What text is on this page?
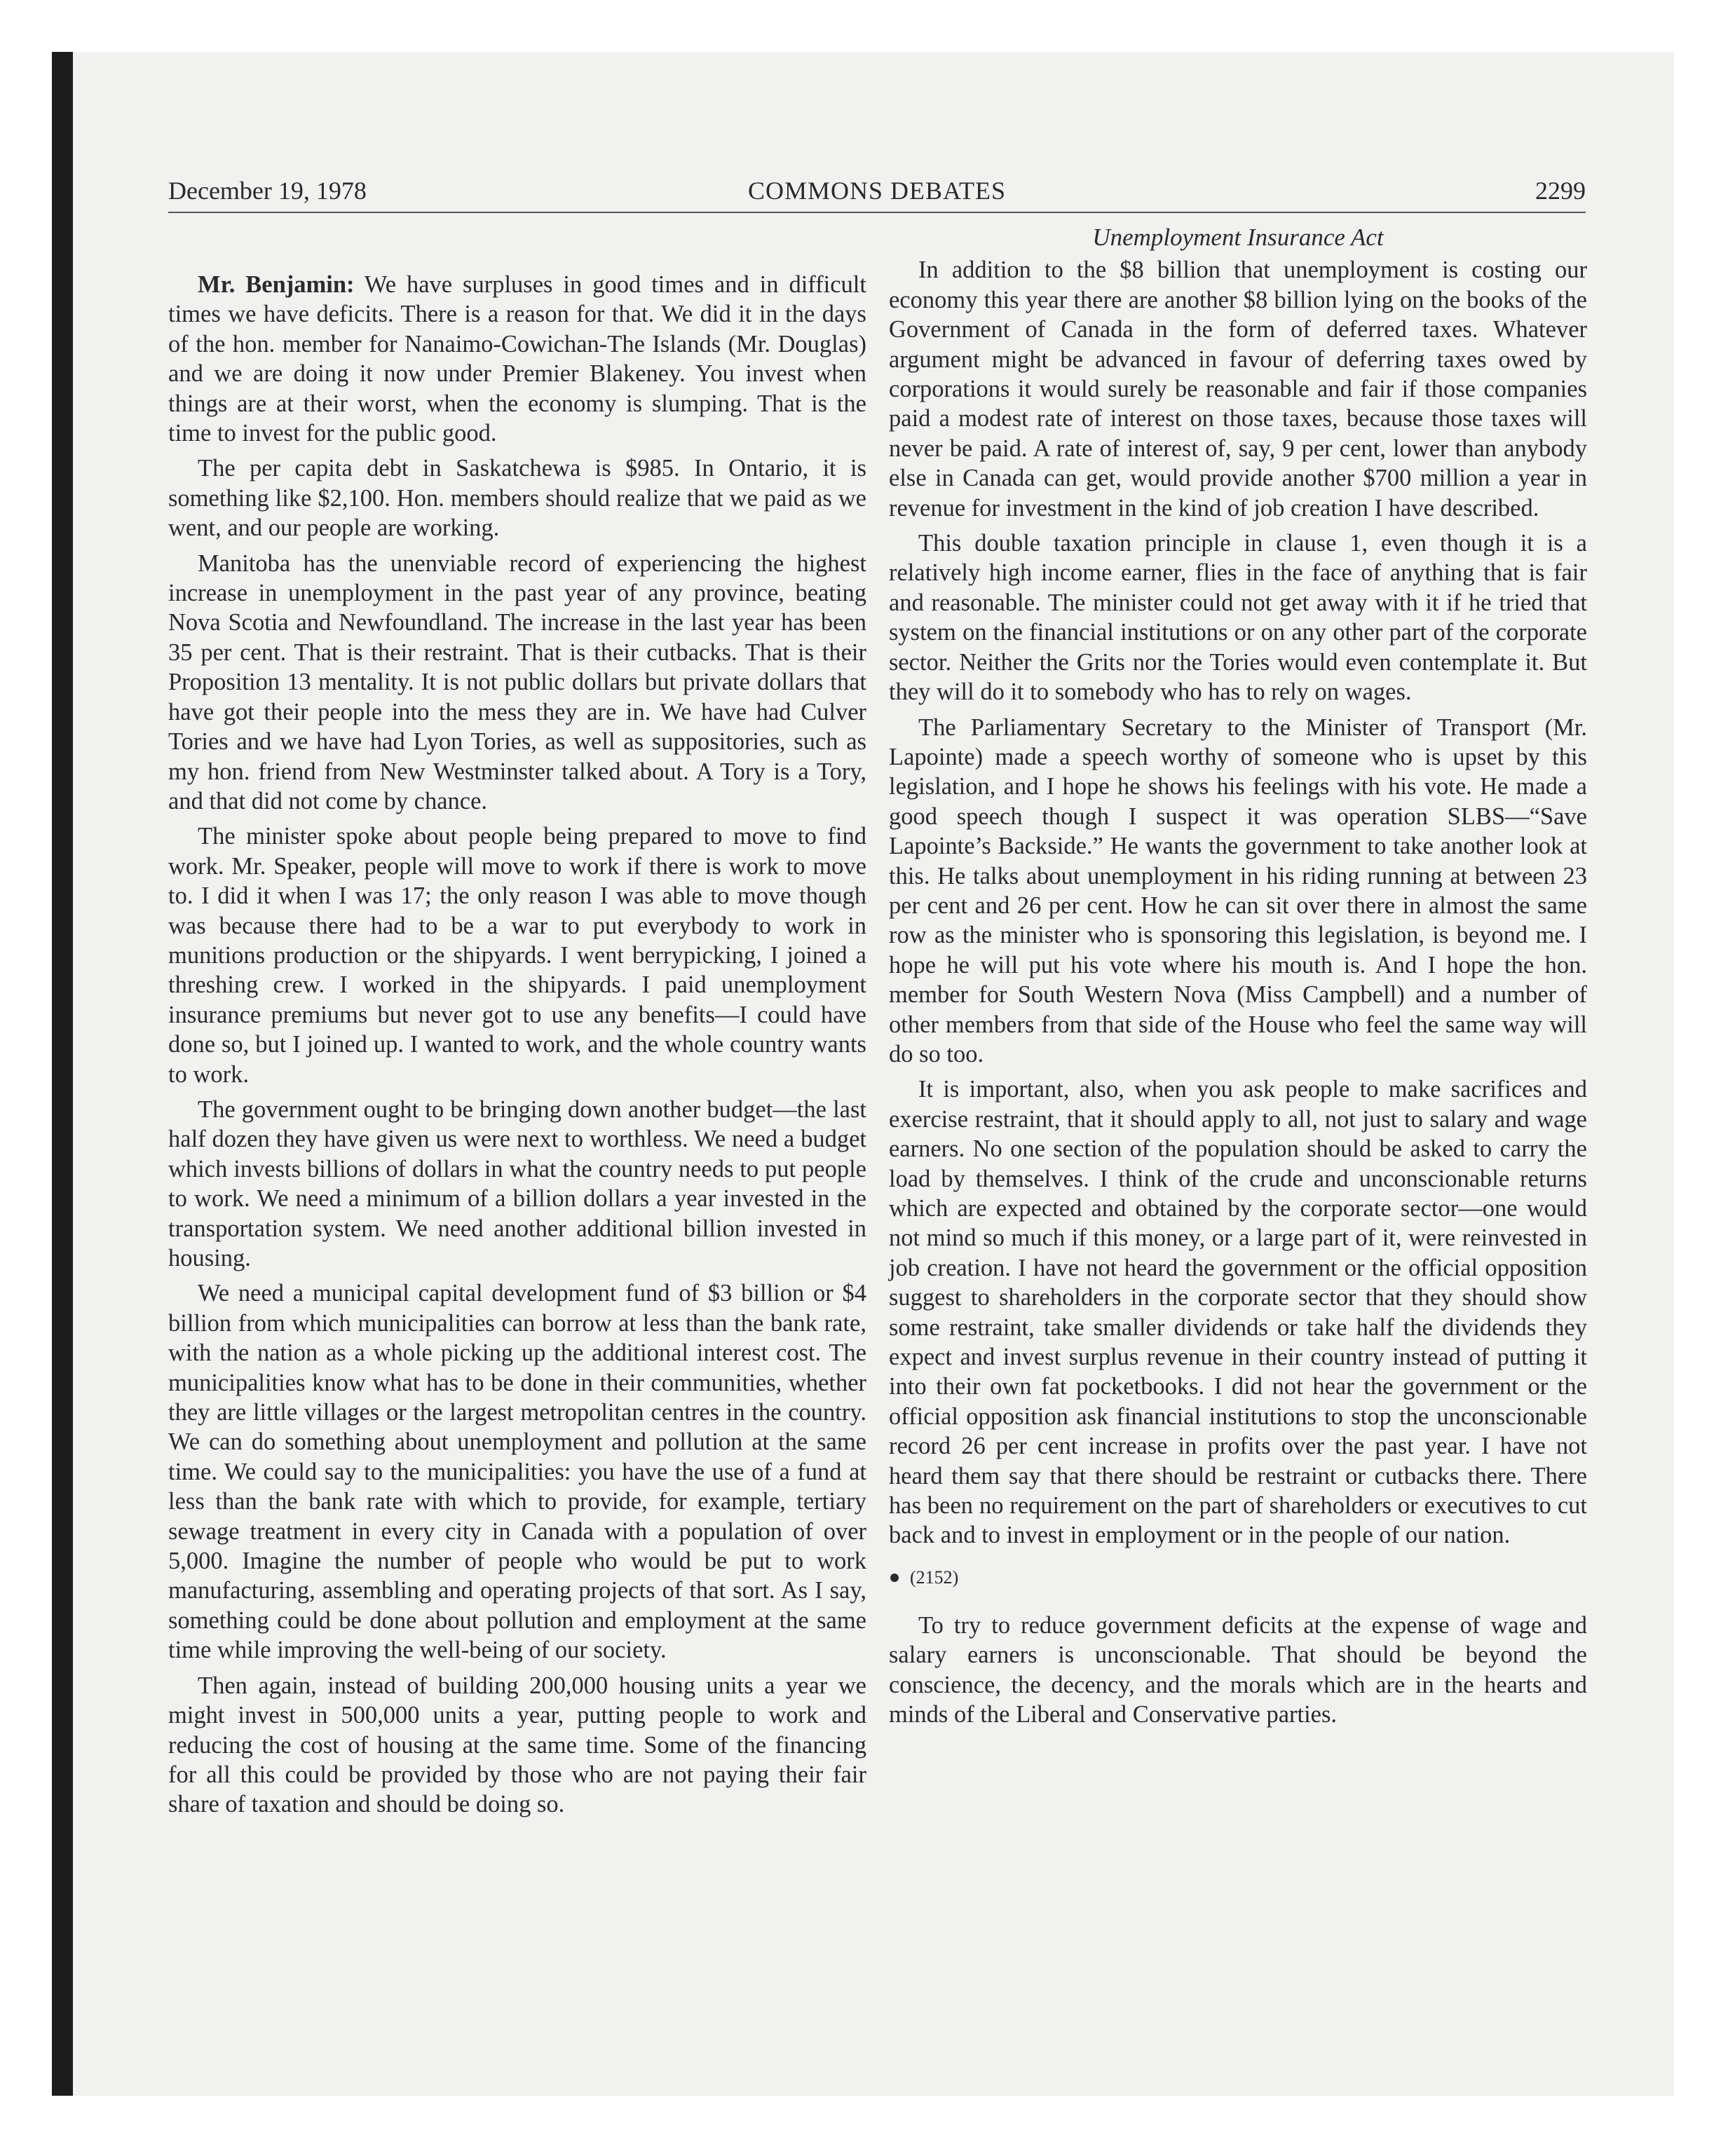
December 19, 1978	COMMONS DEBATES	2299

Mr. Benjamin: We have surpluses in good times and in difficult times we have deficits. There is a reason for that. We did it in the days of the hon. member for Nanaimo-Cowichan-The Islands (Mr. Douglas) and we are doing it now under Premier Blakeney. You invest when things are at their worst, when the economy is slumping. That is the time to invest for the public good.

The per capita debt in Saskatchewa is $985. In Ontario, it is something like $2,100. Hon. members should realize that we paid as we went, and our people are working.

Manitoba has the unenviable record of experiencing the highest increase in unemployment in the past year of any province, beating Nova Scotia and Newfoundland. The increase in the last year has been 35 per cent. That is their restraint. That is their cutbacks. That is their Proposition 13 mentality. It is not public dollars but private dollars that have got their people into the mess they are in. We have had Culver Tories and we have had Lyon Tories, as well as suppositories, such as my hon. friend from New Westminster talked about. A Tory is a Tory, and that did not come by chance.

The minister spoke about people being prepared to move to find work. Mr. Speaker, people will move to work if there is work to move to. I did it when I was 17; the only reason I was able to move though was because there had to be a war to put everybody to work in munitions production or the shipyards. I went berrypicking, I joined a threshing crew. I worked in the shipyards. I paid unemployment insurance premiums but never got to use any benefits—I could have done so, but I joined up. I wanted to work, and the whole country wants to work.

The government ought to be bringing down another budget—the last half dozen they have given us were next to worthless. We need a budget which invests billions of dollars in what the country needs to put people to work. We need a minimum of a billion dollars a year invested in the transportation system. We need another additional billion invested in housing.

We need a municipal capital development fund of $3 billion or $4 billion from which municipalities can borrow at less than the bank rate, with the nation as a whole picking up the additional interest cost. The municipalities know what has to be done in their communities, whether they are little villages or the largest metropolitan centres in the country. We can do something about unemployment and pollution at the same time. We could say to the municipalities: you have the use of a fund at less than the bank rate with which to provide, for example, tertiary sewage treatment in every city in Canada with a population of over 5,000. Imagine the number of people who would be put to work manufacturing, assembling and operating projects of that sort. As I say, something could be done about pollution and employment at the same time while improving the well-being of our society.

Then again, instead of building 200,000 housing units a year we might invest in 500,000 units a year, putting people to work and reducing the cost of housing at the same time. Some of the financing for all this could be provided by those who are not paying their fair share of taxation and should be doing so.

Unemployment Insurance Act

In addition to the $8 billion that unemployment is costing our economy this year there are another $8 billion lying on the books of the Government of Canada in the form of deferred taxes. Whatever argument might be advanced in favour of deferring taxes owed by corporations it would surely be reasonable and fair if those companies paid a modest rate of interest on those taxes, because those taxes will never be paid. A rate of interest of, say, 9 per cent, lower than anybody else in Canada can get, would provide another $700 million a year in revenue for investment in the kind of job creation I have described.

This double taxation principle in clause 1, even though it is a relatively high income earner, flies in the face of anything that is fair and reasonable. The minister could not get away with it if he tried that system on the financial institutions or on any other part of the corporate sector. Neither the Grits nor the Tories would even contemplate it. But they will do it to somebody who has to rely on wages.

The Parliamentary Secretary to the Minister of Transport (Mr. Lapointe) made a speech worthy of someone who is upset by this legislation, and I hope he shows his feelings with his vote. He made a good speech though I suspect it was operation SLBS—“Save Lapointe’s Backside.” He wants the government to take another look at this. He talks about unemployment in his riding running at between 23 per cent and 26 per cent. How he can sit over there in almost the same row as the minister who is sponsoring this legislation, is beyond me. I hope he will put his vote where his mouth is. And I hope the hon. member for South Western Nova (Miss Campbell) and a number of other members from that side of the House who feel the same way will do so too.

It is important, also, when you ask people to make sacrifices and exercise restraint, that it should apply to all, not just to salary and wage earners. No one section of the population should be asked to carry the load by themselves. I think of the crude and unconscionable returns which are expected and obtained by the corporate sector—one would not mind so much if this money, or a large part of it, were reinvested in job creation. I have not heard the government or the official opposition suggest to shareholders in the corporate sector that they should show some restraint, take smaller dividends or take half the dividends they expect and invest surplus revenue in their country instead of putting it into their own fat pocketbooks. I did not hear the government or the official opposition ask financial institutions to stop the unconscionable record 26 per cent increase in profits over the past year. I have not heard them say that there should be restraint or cutbacks there. There has been no requirement on the part of shareholders or executives to cut back and to invest in employment or in the people of our nation.

(2152)

To try to reduce government deficits at the expense of wage and salary earners is unconscionable. That should be beyond the conscience, the decency, and the morals which are in the hearts and minds of the Liberal and Conservative parties.
